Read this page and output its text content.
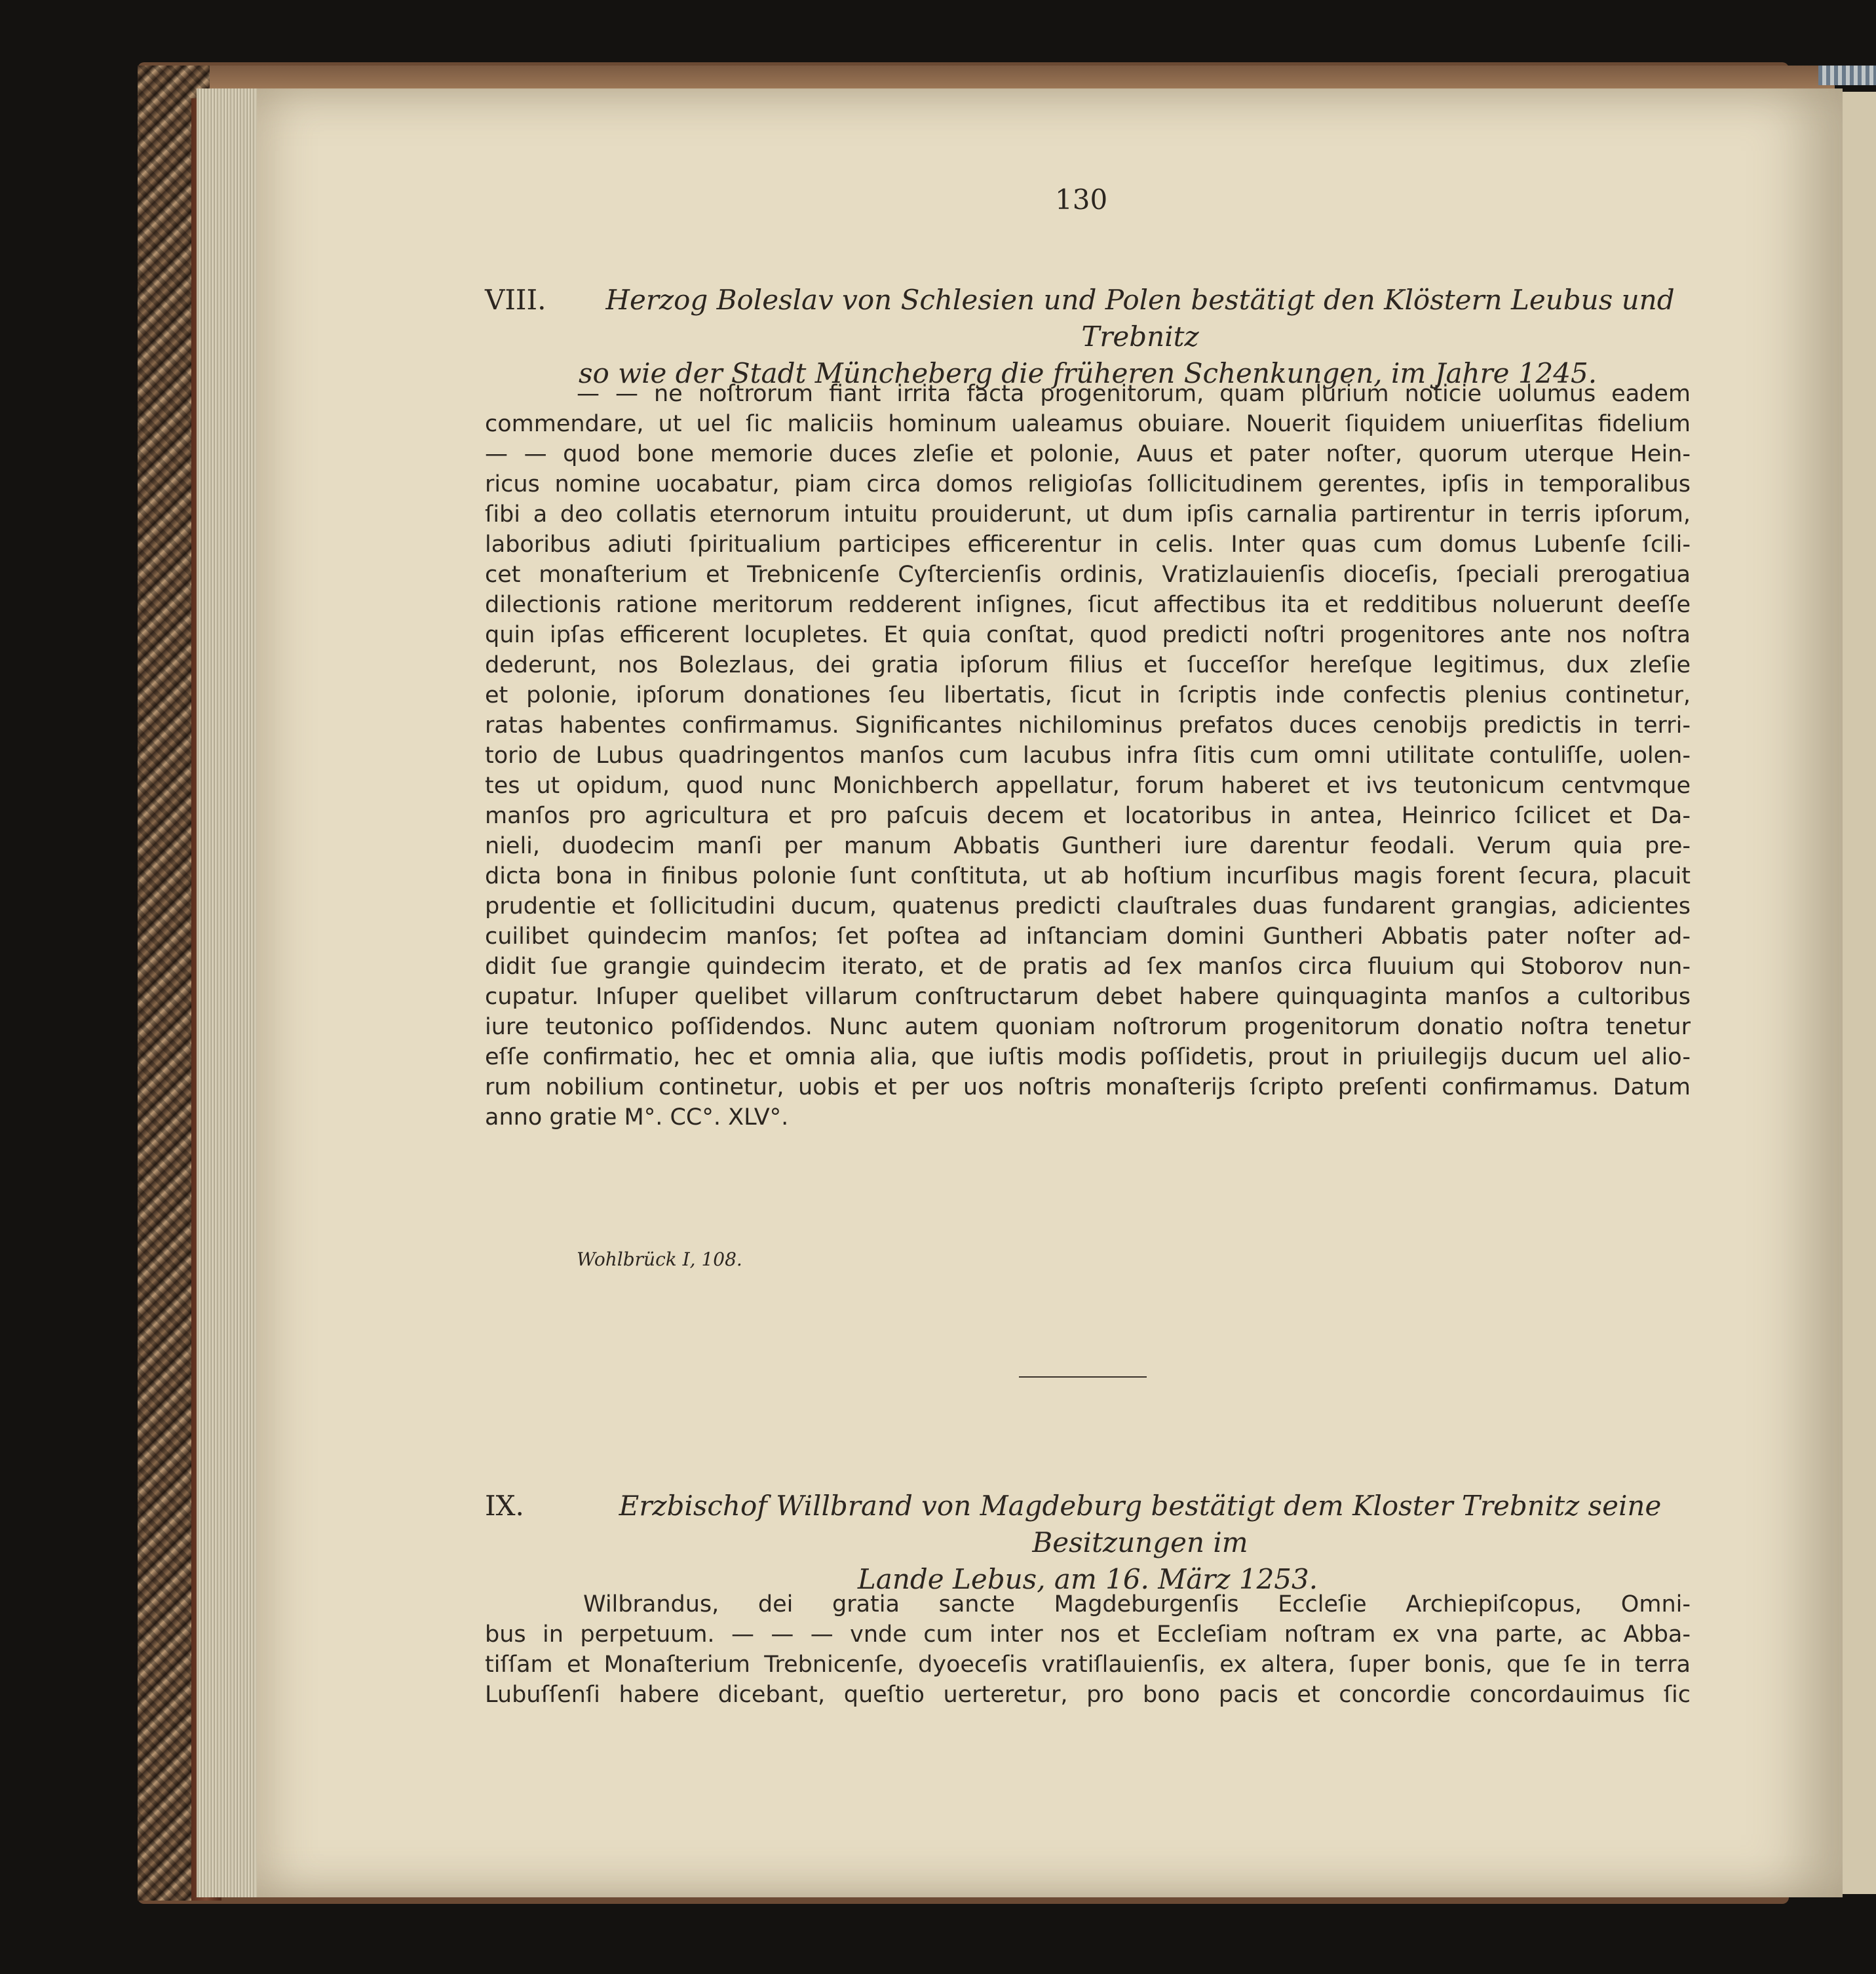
130
VIII.	Herzog Boleslav von Schlesien und Polen bestätigt den Klöstern Leubus und Trebnitz
so wie der Stadt Müncheberg die früheren Schenkungen, im Jahre 1245.
— — ne noſtrorum fiant irrita facta progenitorum, quam plurium noticie uolumus eadem
commendare, ut uel ſic maliciis hominum ualeamus obuiare. Nouerit ſiquidem uniuerſitas fidelium
— — quod bone memorie duces zleſie et polonie, Auus et pater noſter, quorum uterque Hein-
ricus nomine uocabatur, piam circa domos religioſas ſollicitudinem gerentes, ipſis in temporalibus
ſibi a deo collatis eternorum intuitu prouiderunt, ut dum ipſis carnalia partirentur in terris ipſorum,
laboribus adiuti ſpiritualium participes efficerentur in celis. Inter quas cum domus Lubenſe ſcili-
cet monaſterium et Trebnicenſe Cyſtercienſis ordinis, Vratizlauienſis dioceſis, ſpeciali prerogatiua
dilectionis ratione meritorum redderent inſignes, ſicut affectibus ita et redditibus noluerunt deeſſe
quin ipſas efficerent locupletes. Et quia conſtat, quod predicti noſtri progenitores ante nos noſtra
dederunt, nos Bolezlaus, dei gratia ipſorum filius et ſucceſſor hereſque legitimus, dux zleſie
et polonie, ipſorum donationes ſeu libertatis, ſicut in ſcriptis inde confectis plenius continetur,
ratas habentes confirmamus. Significantes nichilominus prefatos duces cenobijs predictis in terri-
torio de Lubus quadringentos manſos cum lacubus infra ſitis cum omni utilitate contuliſſe, uolen-
tes ut opidum, quod nunc Monichberch appellatur, forum haberet et ivs teutonicum centvmque
manſos pro agricultura et pro paſcuis decem et locatoribus in antea, Heinrico ſcilicet et Da-
nieli, duodecim manſi per manum Abbatis Guntheri iure darentur feodali. Verum quia pre-
dicta bona in finibus polonie ſunt conſtituta, ut ab hoſtium incurſibus magis forent ſecura, placuit
prudentie et ſollicitudini ducum, quatenus predicti clauſtrales duas fundarent grangias, adicientes
cuilibet quindecim manſos; ſet poſtea ad inſtanciam domini Guntheri Abbatis pater noſter ad-
didit ſue grangie quindecim iterato, et de pratis ad ſex manſos circa fluuium qui Stoborov nun-
cupatur. Inſuper quelibet villarum conſtructarum debet habere quinquaginta manſos a cultoribus
iure teutonico poſſidendos. Nunc autem quoniam noſtrorum progenitorum donatio noſtra tenetur
eſſe confirmatio, hec et omnia alia, que iuſtis modis poſſidetis, prout in priuilegijs ducum uel alio-
rum nobilium continetur, uobis et per uos noſtris monaſterijs ſcripto preſenti confirmamus. Datum
anno gratie M°. CC°. XLV°.
Wohlbrück I, 108.
IX.	Erzbischof Willbrand von Magdeburg bestätigt dem Kloster Trebnitz seine Besitzungen im
Lande Lebus, am 16. März 1253.
Wilbrandus, dei gratia sancte Magdeburgenſis Eccleſie Archiepiſcopus, Omni-
bus in perpetuum. — — — vnde cum inter nos et Eccleſiam noſtram ex vna parte, ac Abba-
tiſſam et Monaſterium Trebnicenſe, dyoeceſis vratiſlauienſis, ex altera, ſuper bonis, que ſe in terra
Lubuſſenſi habere dicebant, queſtio uerteretur, pro bono pacis et concordie concordauimus ſic
